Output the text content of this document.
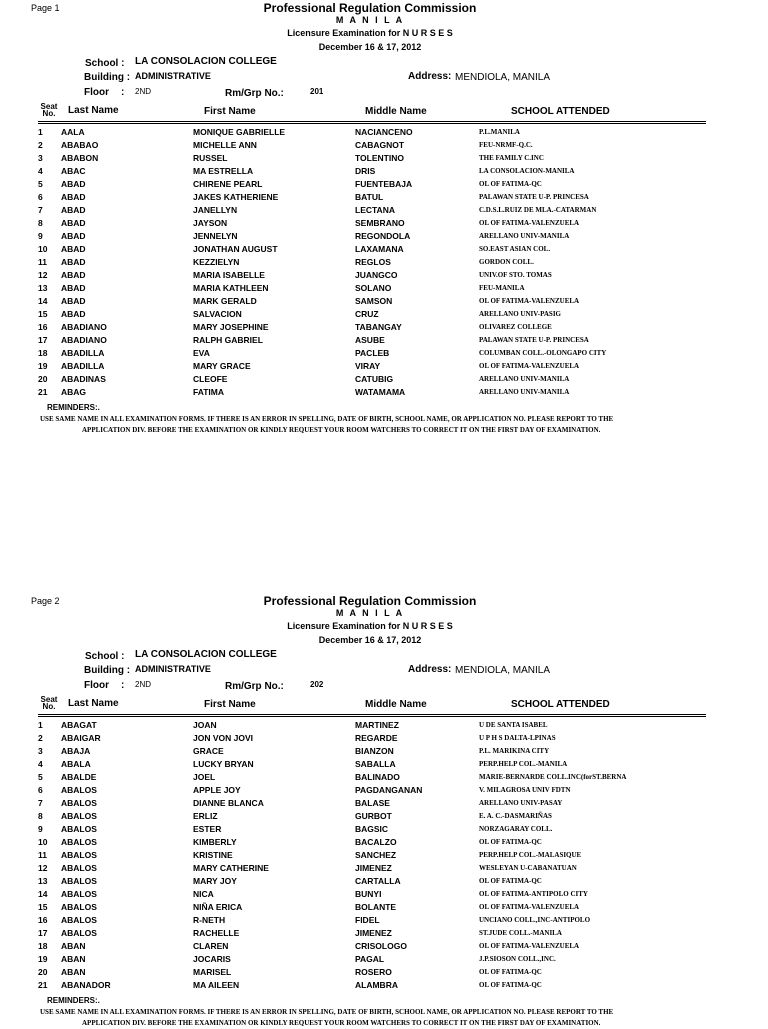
Page 1	Professional Regulation Commission
M A N I L A
Licensure Examination for N U R S E S
December 16 & 17, 2012
School : LA CONSOLACION COLLEGE
Building : ADMINISTRATIVE	Address: MENDIOLA, MANILA
Floor : 2ND	Rm/Grp No.:	201
Seat
No.	Last Name	First Name	Middle Name	SCHOOL ATTENDED
1 AALA	MONIQUE GABRIELLE	NACIANCENO	P.L.MANILA
2 ABABAO	MICHELLE ANN	CABAGNOT	FEU-NRMF-Q.C.
3 ABABON	RUSSEL	TOLENTINO	THE FAMILY C.INC
4 ABAC	MA ESTRELLA	DRIS	LA CONSOLACION-MANILA
5 ABAD	CHIRENE PEARL	FUENTEBAJA	OL OF FATIMA-QC
6 ABAD	JAKES KATHERIENE	BATUL	PALAWAN STATE U-P. PRINCESA
7 ABAD	JANELLYN	LECTANA	C.D.S.L.RUIZ DE MLA.-CATARMAN
8 ABAD	JAYSON	SEMBRANO	OL OF FATIMA-VALENZUELA
9 ABAD	JENNELYN	REGONDOLA	ARELLANO UNIV-MANILA
10 ABAD	JONATHAN AUGUST	LAXAMANA	SO.EAST ASIAN COL.
11 ABAD	KEZZIELYN	REGLOS	GORDON COLL.
12 ABAD	MARIA ISABELLE	JUANGCO	UNIV.OF STO. TOMAS
13 ABAD	MARIA KATHLEEN	SOLANO	FEU-MANILA
14 ABAD	MARK GERALD	SAMSON	OL OF FATIMA-VALENZUELA
15 ABAD	SALVACION	CRUZ	ARELLANO UNIV-PASIG
16 ABADIANO	MARY JOSEPHINE	TABANGAY	OLIVAREZ COLLEGE
17 ABADIANO	RALPH GABRIEL	ASUBE	PALAWAN STATE U-P. PRINCESA
18 ABADILLA	EVA	PACLEB	COLUMBAN COLL.-OLONGAPO CITY
19 ABADILLA	MARY GRACE	VIRAY	OL OF FATIMA-VALENZUELA
20 ABADINAS	CLEOFE	CATUBIG	ARELLANO UNIV-MANILA
21 ABAG	FATIMA	WATAMAMA	ARELLANO UNIV-MANILA
REMINDERS:.
USE SAME NAME IN ALL EXAMINATION FORMS. IF THERE IS AN ERROR IN SPELLING, DATE OF BIRTH, SCHOOL NAME, OR APPLICATION NO. PLEASE REPORT TO THE
APPLICATION DIV. BEFORE THE EXAMINATION OR KINDLY REQUEST YOUR ROOM WATCHERS TO CORRECT IT ON THE FIRST DAY OF EXAMINATION.
Page 2	Professional Regulation Commission
M A N I L A
Licensure Examination for N U R S E S
December 16 & 17, 2012
School : LA CONSOLACION COLLEGE
Building : ADMINISTRATIVE	Address: MENDIOLA, MANILA
Floor : 2ND	Rm/Grp No.:	202
Seat
No.	Last Name	First Name	Middle Name	SCHOOL ATTENDED
1 ABAGAT	JOAN	MARTINEZ	U DE SANTA ISABEL
2 ABAIGAR	JON VON JOVI	REGARDE	U P H S DALTA-LPINAS
3 ABAJA	GRACE	BIANZON	P.L. MARIKINA CITY
4 ABALA	LUCKY BRYAN	SABALLA	PERP.HELP COL.-MANILA
5 ABALDE	JOEL	BALINADO	MARIE-BERNARDE COLL.INC(forST.BERNA
6 ABALOS	APPLE JOY	PAGDANGANAN	V. MILAGROSA UNIV FDTN
7 ABALOS	DIANNE BLANCA	BALASE	ARELLANO UNIV-PASAY
8 ABALOS	ERLIZ	GURBOT	E. A. C.-DASMARIÑAS
9 ABALOS	ESTER	BAGSIC	NORZAGARAY COLL.
10 ABALOS	KIMBERLY	BACALZO	OL OF FATIMA-QC
11 ABALOS	KRISTINE	SANCHEZ	PERP.HELP COL.-MALASIQUE
12 ABALOS	MARY CATHERINE	JIMENEZ	WESLEYAN U-CABANATUAN
13 ABALOS	MARY JOY	CARTALLA	OL OF FATIMA-QC
14 ABALOS	NICA	BUNYI	OL OF FATIMA-ANTIPOLO CITY
15 ABALOS	NIÑA ERICA	BOLANTE	OL OF FATIMA-VALENZUELA
16 ABALOS	R-NETH	FIDEL	UNCIANO COLL.,INC-ANTIPOLO
17 ABALOS	RACHELLE	JIMENEZ	ST.JUDE COLL.-MANILA
18 ABAN	CLAREN	CRISOLOGO	OL OF FATIMA-VALENZUELA
19 ABAN	JOCARIS	PAGAL	J.P.SIOSON COLL.,INC.
20 ABAN	MARISEL	ROSERO	OL OF FATIMA-QC
21 ABANADOR	MA AILEEN	ALAMBRA	OL OF FATIMA-QC
REMINDERS:.
USE SAME NAME IN ALL EXAMINATION FORMS. IF THERE IS AN ERROR IN SPELLING, DATE OF BIRTH, SCHOOL NAME, OR APPLICATION NO. PLEASE REPORT TO THE
APPLICATION DIV. BEFORE THE EXAMINATION OR KINDLY REQUEST YOUR ROOM WATCHERS TO CORRECT IT ON THE FIRST DAY OF EXAMINATION.
